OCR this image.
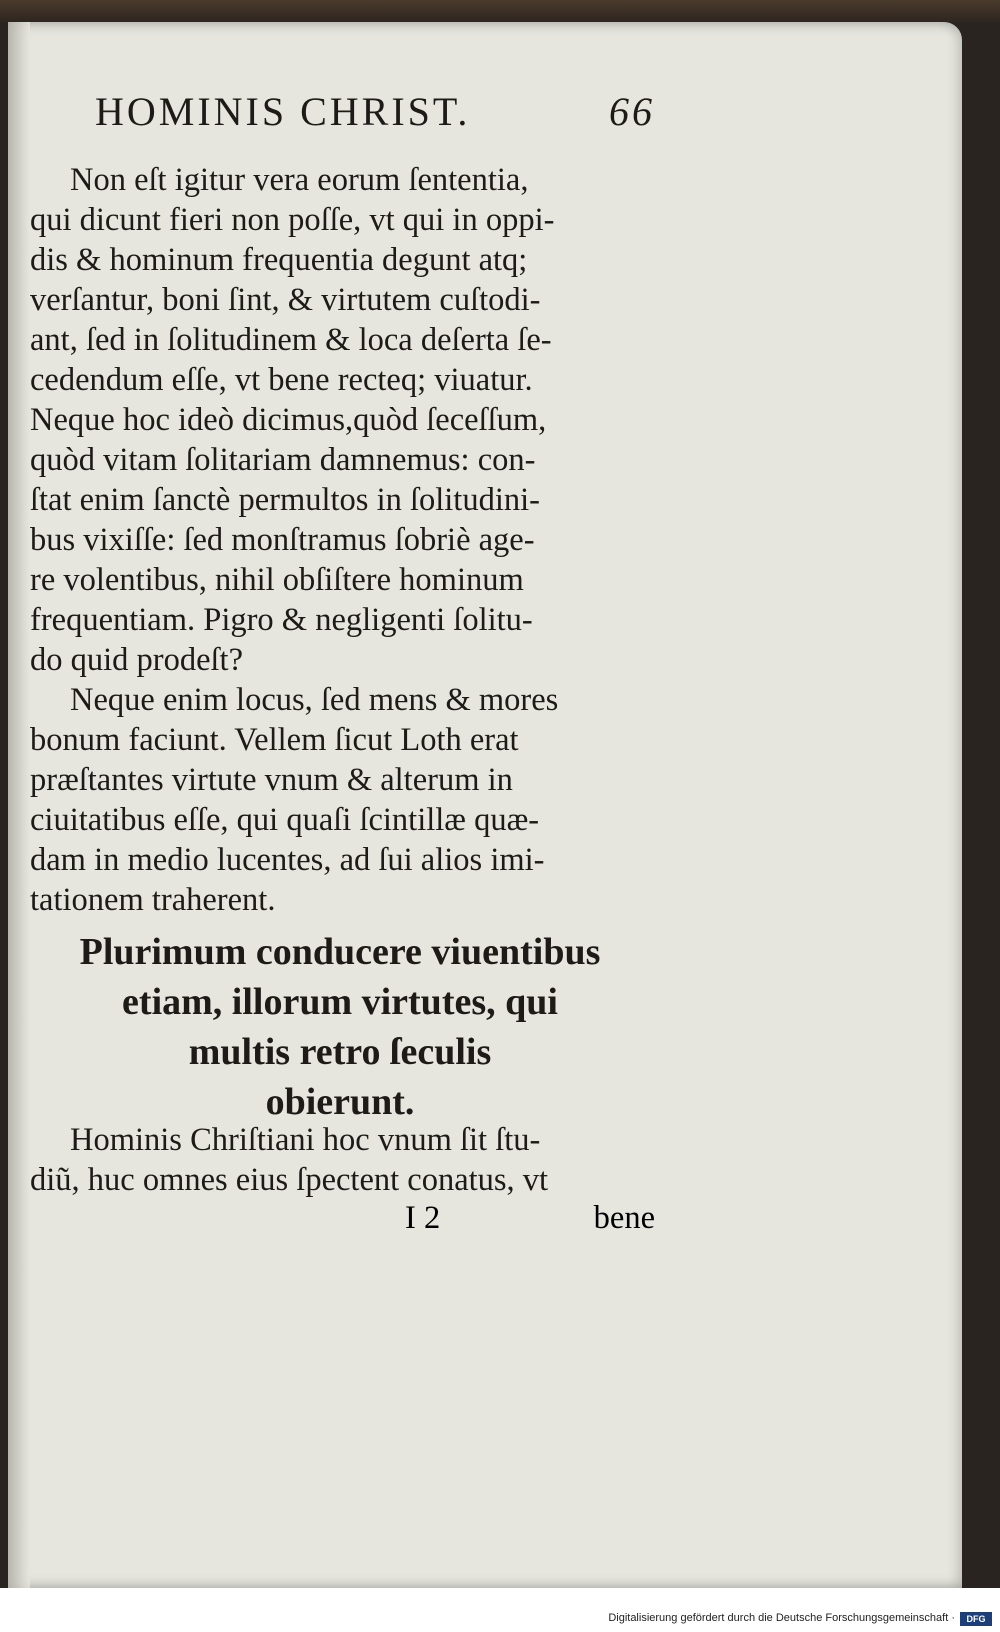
HOMINIS CHRIST.	66
Non eſt igitur vera eorum ſententia,
qui dicunt fieri non poſſe, vt qui in oppi-
dis & hominum frequentia degunt atq;
verſantur, boni ſint, & virtutem cuſtodi-
ant, ſed in ſolitudinem & loca deſerta ſe-
cedendum eſſe, vt bene recteq; viuatur.
Neque hoc ideò dicimus,quòd ſeceſſum,
quòd vitam ſolitariam damnemus: con-
ſtat enim ſanctè permultos in ſolitudini-
bus vixiſſe: ſed monſtramus ſobriè age-
re volentibus, nihil obſiſtere hominum
frequentiam. Pigro & negligenti ſolitu-
do quid prodeſt?
Neque enim locus, ſed mens & mores
bonum faciunt. Vellem ſicut Loth erat
præſtantes virtute vnum & alterum in
ciuitatibus eſſe, qui quaſi ſcintillæ quæ-
dam in medio lucentes, ad ſui alios imi-
tationem traherent.
Plurimum conducere viuentibus
etiam, illorum virtutes, qui
multis retro ſeculis
obierunt.
Hominis Chriſtiani hoc vnum ſit ſtu-
diũ, huc omnes eius ſpectent conatus, vt
I 2	bene
Digitalisierung gefördert durch die Deutsche Forschungsgemeinschaft ·	DFG
